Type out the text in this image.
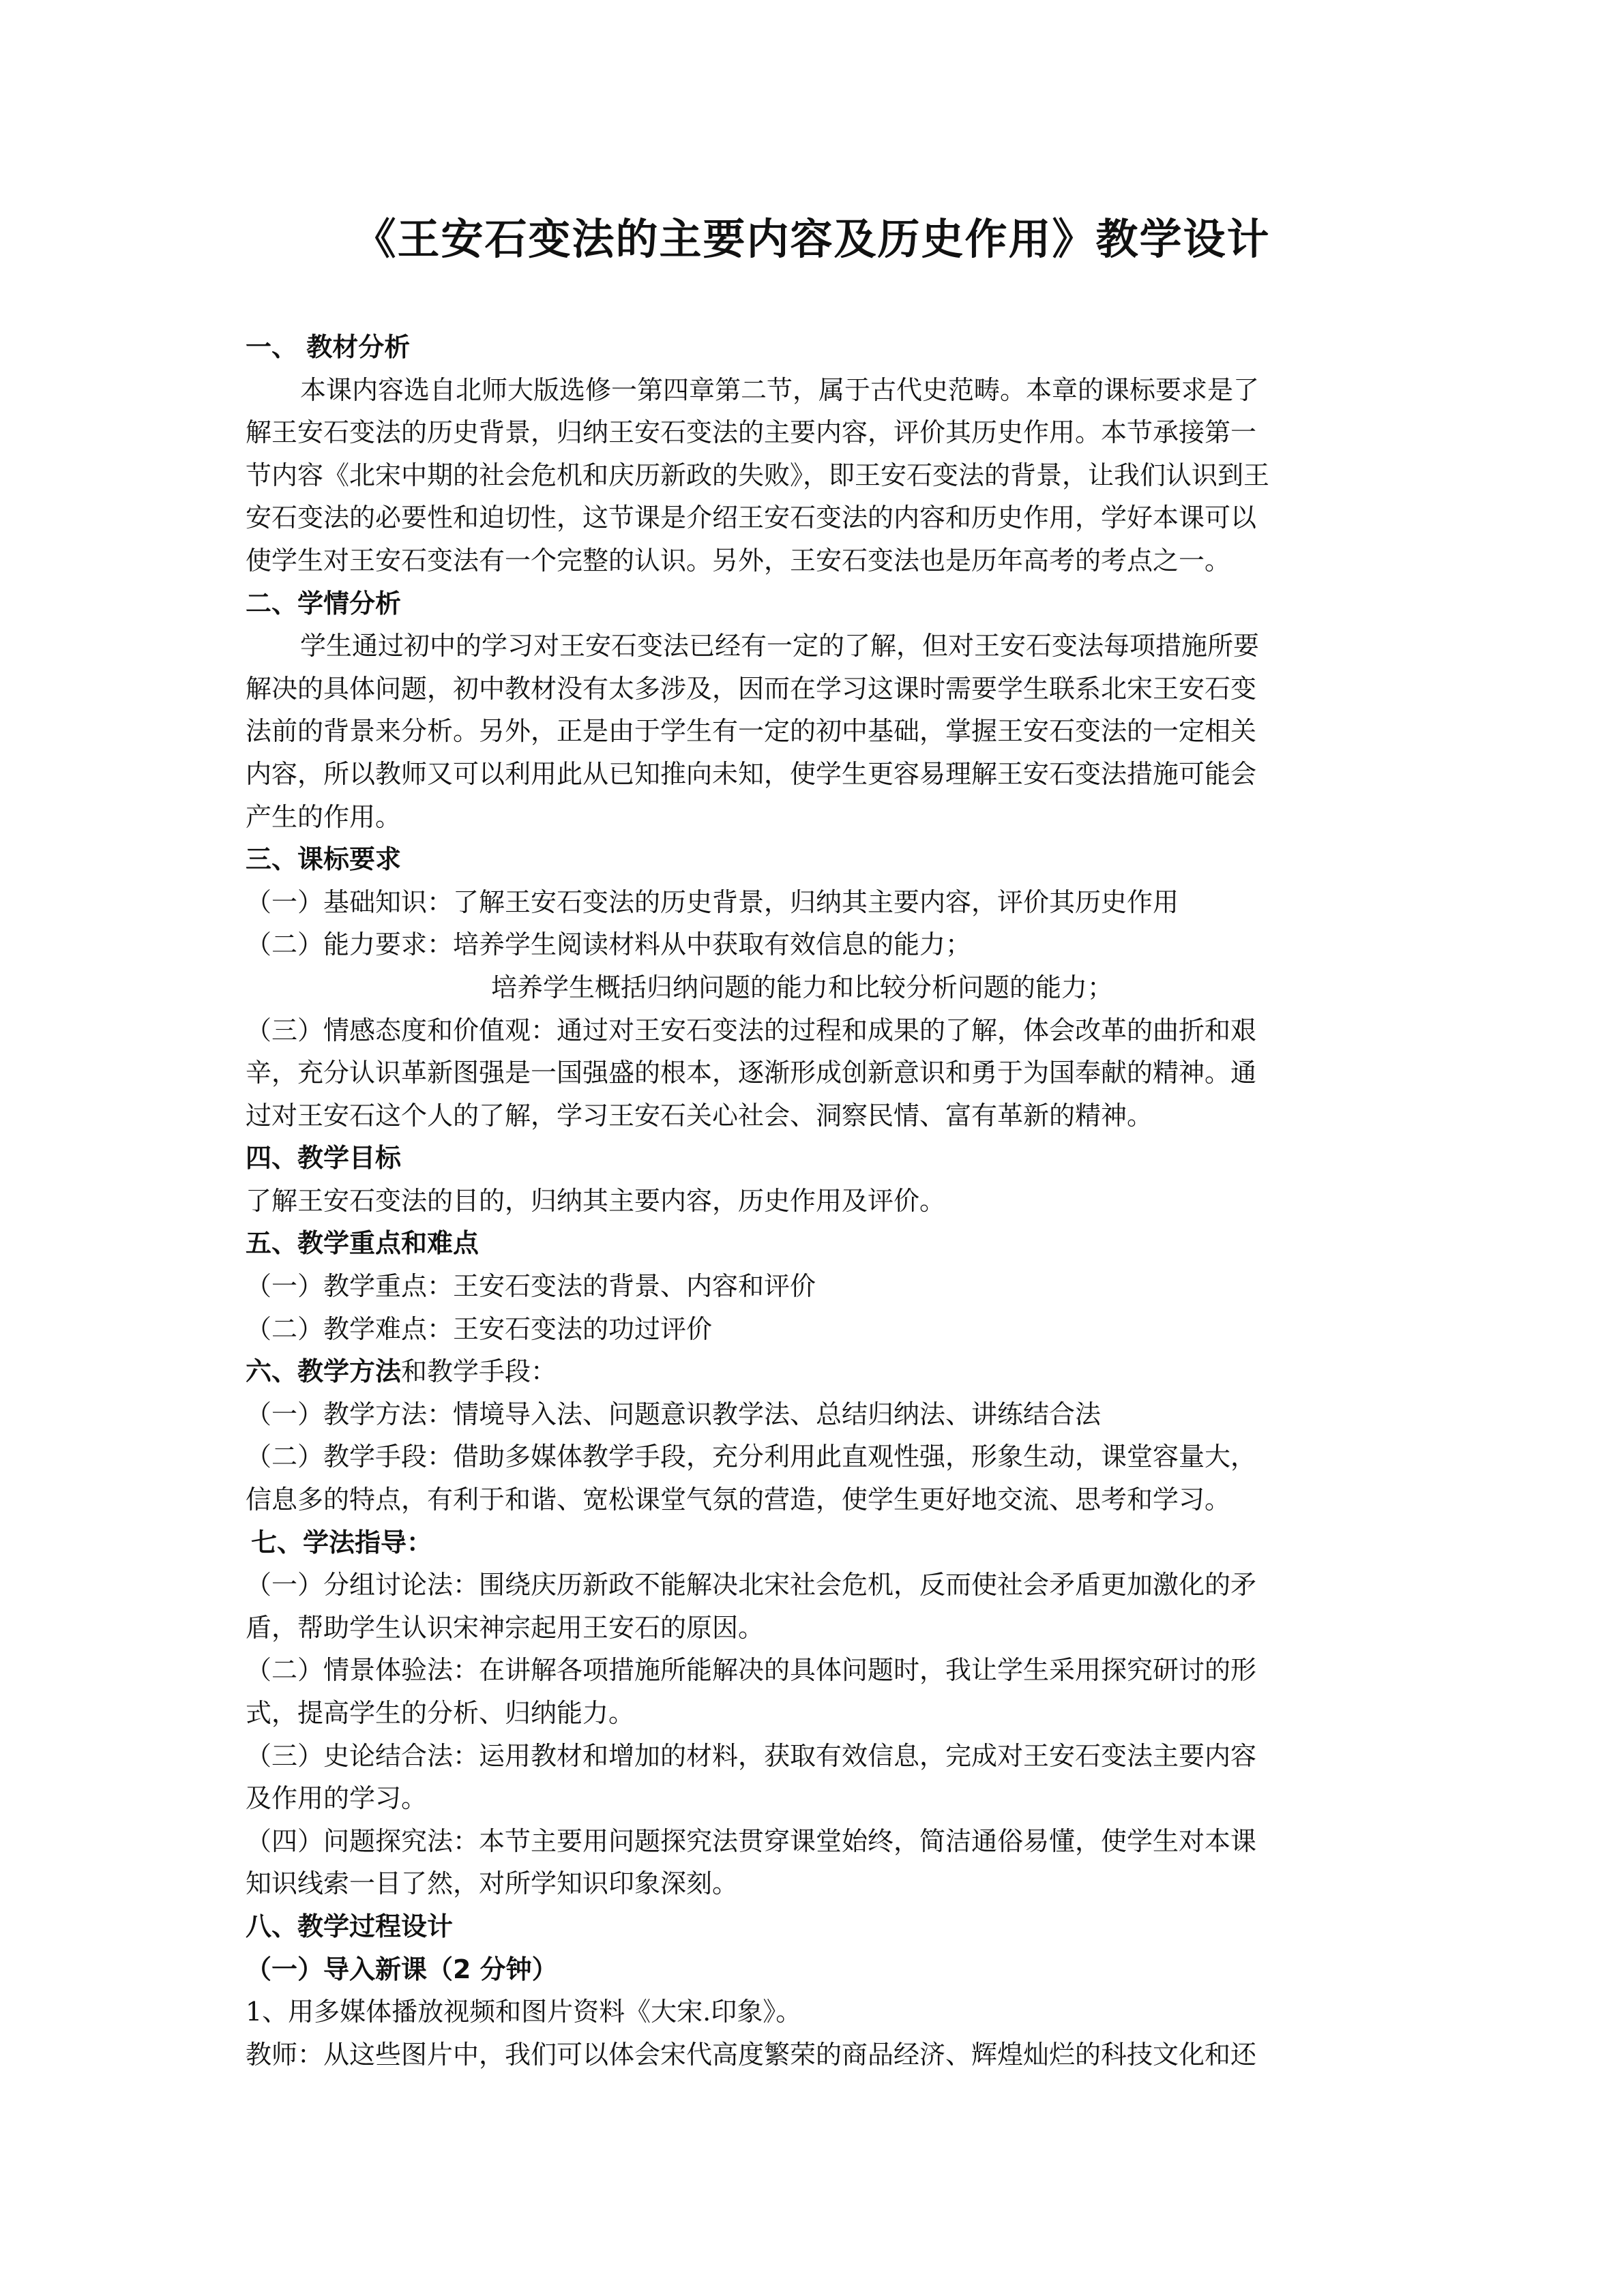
《王安石变法的主要内容及历史作用》教学设计
一、 教材分析
本课内容选自北师大版选修一第四章第二节，属于古代史范畴。本章的课标要求是了
解王安石变法的历史背景，归纳王安石变法的主要内容，评价其历史作用。本节承接第一
节内容《北宋中期的社会危机和庆历新政的失败》，即王安石变法的背景，让我们认识到王
安石变法的必要性和迫切性，这节课是介绍王安石变法的内容和历史作用，学好本课可以
使学生对王安石变法有一个完整的认识。另外，王安石变法也是历年高考的考点之一。
二、学情分析
学生通过初中的学习对王安石变法已经有一定的了解，但对王安石变法每项措施所要
解决的具体问题，初中教材没有太多涉及，因而在学习这课时需要学生联系北宋王安石变
法前的背景来分析。另外，正是由于学生有一定的初中基础，掌握王安石变法的一定相关
内容，所以教师又可以利用此从已知推向未知，使学生更容易理解王安石变法措施可能会
产生的作用。
三、课标要求
（一）基础知识：了解王安石变法的历史背景，归纳其主要内容，评价其历史作用
（二）能力要求：培养学生阅读材料从中获取有效信息的能力；
培养学生概括归纳问题的能力和比较分析问题的能力；
（三）情感态度和价值观：通过对王安石变法的过程和成果的了解，体会改革的曲折和艰
辛，充分认识革新图强是一国强盛的根本，逐渐形成创新意识和勇于为国奉献的精神。通
过对王安石这个人的了解，学习王安石关心社会、洞察民情、富有革新的精神。
四、教学目标
了解王安石变法的目的，归纳其主要内容，历史作用及评价。
五、教学重点和难点
（一）教学重点：王安石变法的背景、内容和评价
（二）教学难点：王安石变法的功过评价
六、教学方法和教学手段：
（一）教学方法：情境导入法、问题意识教学法、总结归纳法、讲练结合法
（二）教学手段：借助多媒体教学手段，充分利用此直观性强，形象生动，课堂容量大，
信息多的特点，有利于和谐、宽松课堂气氛的营造，使学生更好地交流、思考和学习。
七、学法指导：
（一）分组讨论法：围绕庆历新政不能解决北宋社会危机，反而使社会矛盾更加激化的矛
盾，帮助学生认识宋神宗起用王安石的原因。
（二）情景体验法：在讲解各项措施所能解决的具体问题时，我让学生采用探究研讨的形
式，提高学生的分析、归纳能力。
（三）史论结合法：运用教材和增加的材料，获取有效信息，完成对王安石变法主要内容
及作用的学习。
（四）问题探究法：本节主要用问题探究法贯穿课堂始终，简洁通俗易懂，使学生对本课
知识线索一目了然，对所学知识印象深刻。
八、教学过程设计
（一）导入新课（2 分钟）
1、用多媒体播放视频和图片资料《大宋.印象》。
教师：从这些图片中，我们可以体会宋代高度繁荣的商品经济、辉煌灿烂的科技文化和还
